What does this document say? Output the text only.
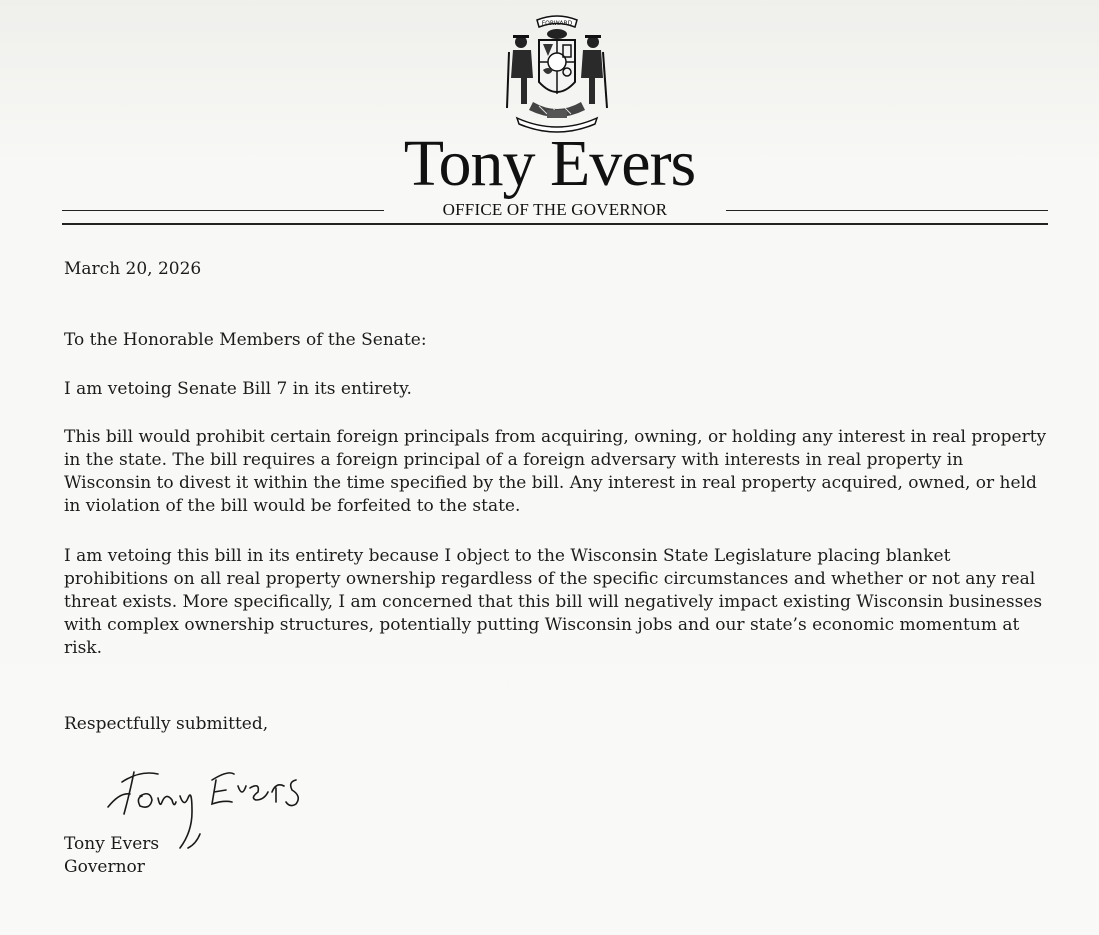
FORWARD
Tony Evers
OFFICE OF THE GOVERNOR
March 20, 2026
To the Honorable Members of the Senate:
I am vetoing Senate Bill 7 in its entirety.
This bill would prohibit certain foreign principals from acquiring, owning, or holding any interest in real property in the state. The bill requires a foreign principal of a foreign adversary with interests in real property in Wisconsin to divest it within the time specified by the bill. Any interest in real property acquired, owned, or held in violation of the bill would be forfeited to the state.
I am vetoing this bill in its entirety because I object to the Wisconsin State Legislature placing blanket prohibitions on all real property ownership regardless of the specific circumstances and whether or not any real threat exists. More specifically, I am concerned that this bill will negatively impact existing Wisconsin businesses with complex ownership structures, potentially putting Wisconsin jobs and our state’s economic momentum at risk.
Respectfully submitted,
Tony Evers
Governor
